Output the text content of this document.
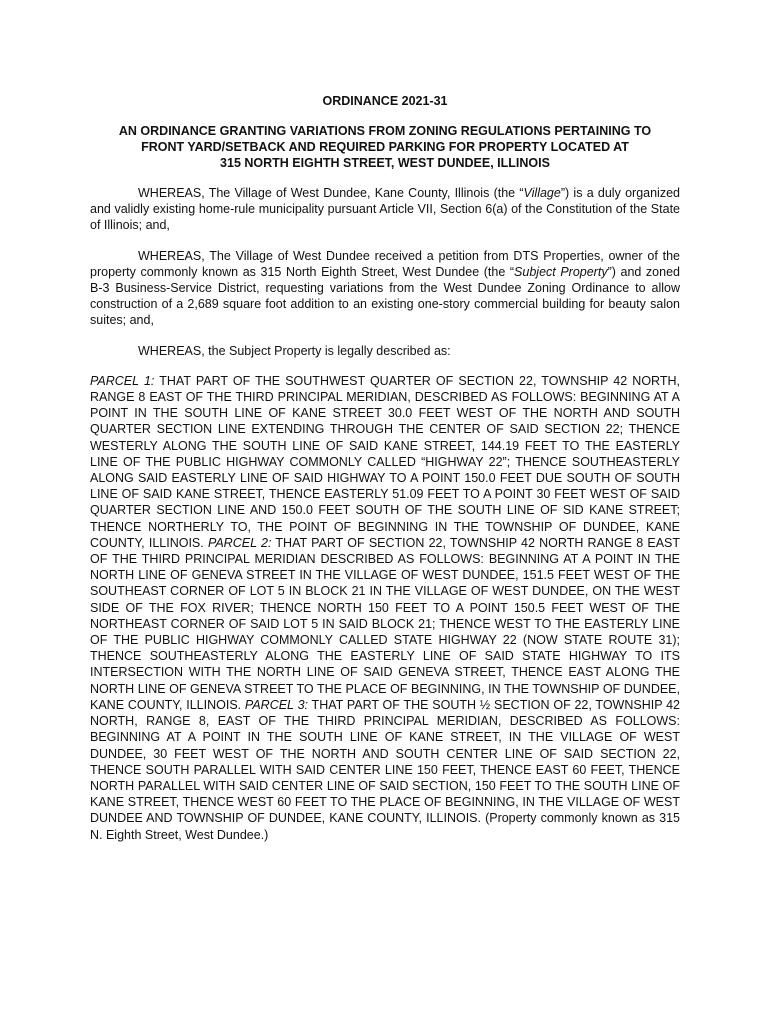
ORDINANCE 2021-31
AN ORDINANCE GRANTING VARIATIONS FROM ZONING REGULATIONS PERTAINING TO
FRONT YARD/SETBACK AND REQUIRED PARKING FOR PROPERTY LOCATED AT
315 NORTH EIGHTH STREET, WEST DUNDEE, ILLINOIS

WHEREAS, The Village of West Dundee, Kane County, Illinois (the “Village”) is a duly organized and validly existing home-rule municipality pursuant Article VII, Section 6(a) of the Constitution of the State of Illinois; and,

WHEREAS, The Village of West Dundee received a petition from DTS Properties, owner of the property commonly known as 315 North Eighth Street, West Dundee (the “Subject Property”) and zoned B-3 Business-Service District, requesting variations from the West Dundee Zoning Ordinance to allow construction of a 2,689 square foot addition to an existing one-story commercial building for beauty salon suites; and,

WHEREAS, the Subject Property is legally described as:

PARCEL 1: THAT PART OF THE SOUTHWEST QUARTER OF SECTION 22, TOWNSHIP 42 NORTH, RANGE 8 EAST OF THE THIRD PRINCIPAL MERIDIAN, DESCRIBED AS FOLLOWS: BEGINNING AT A POINT IN THE SOUTH LINE OF KANE STREET 30.0 FEET WEST OF THE NORTH AND SOUTH QUARTER SECTION LINE EXTENDING THROUGH THE CENTER OF SAID SECTION 22; THENCE WESTERLY ALONG THE SOUTH LINE OF SAID KANE STREET, 144.19 FEET TO THE EASTERLY LINE OF THE PUBLIC HIGHWAY COMMONLY CALLED “HIGHWAY 22”; THENCE SOUTHEASTERLY ALONG SAID EASTERLY LINE OF SAID HIGHWAY TO A POINT 150.0 FEET DUE SOUTH OF SOUTH LINE OF SAID KANE STREET, THENCE EASTERLY 51.09 FEET TO A POINT 30 FEET WEST OF SAID QUARTER SECTION LINE AND 150.0 FEET SOUTH OF THE SOUTH LINE OF SID KANE STREET; THENCE NORTHERLY TO, THE POINT OF BEGINNING IN THE TOWNSHIP OF DUNDEE, KANE COUNTY, ILLINOIS. PARCEL 2: THAT PART OF SECTION 22, TOWNSHIP 42 NORTH RANGE 8 EAST OF THE THIRD PRINCIPAL MERIDIAN DESCRIBED AS FOLLOWS: BEGINNING AT A POINT IN THE NORTH LINE OF GENEVA STREET IN THE VILLAGE OF WEST DUNDEE, 151.5 FEET WEST OF THE SOUTHEAST CORNER OF LOT 5 IN BLOCK 21 IN THE VILLAGE OF WEST DUNDEE, ON THE WEST SIDE OF THE FOX RIVER; THENCE NORTH 150 FEET TO A POINT 150.5 FEET WEST OF THE NORTHEAST CORNER OF SAID LOT 5 IN SAID BLOCK 21; THENCE WEST TO THE EASTERLY LINE OF THE PUBLIC HIGHWAY COMMONLY CALLED STATE HIGHWAY 22 (NOW STATE ROUTE 31); THENCE SOUTHEASTERLY ALONG THE EASTERLY LINE OF SAID STATE HIGHWAY TO ITS INTERSECTION WITH THE NORTH LINE OF SAID GENEVA STREET, THENCE EAST ALONG THE NORTH LINE OF GENEVA STREET TO THE PLACE OF BEGINNING, IN THE TOWNSHIP OF DUNDEE, KANE COUNTY, ILLINOIS. PARCEL 3: THAT PART OF THE SOUTH ½ SECTION OF 22, TOWNSHIP 42 NORTH, RANGE 8, EAST OF THE THIRD PRINCIPAL MERIDIAN, DESCRIBED AS FOLLOWS: BEGINNING AT A POINT IN THE SOUTH LINE OF KANE STREET, IN THE VILLAGE OF WEST DUNDEE, 30 FEET WEST OF THE NORTH AND SOUTH CENTER LINE OF SAID SECTION 22, THENCE SOUTH PARALLEL WITH SAID CENTER LINE 150 FEET, THENCE EAST 60 FEET, THENCE NORTH PARALLEL WITH SAID CENTER LINE OF SAID SECTION, 150 FEET TO THE SOUTH LINE OF KANE STREET, THENCE WEST 60 FEET TO THE PLACE OF BEGINNING, IN THE VILLAGE OF WEST DUNDEE AND TOWNSHIP OF DUNDEE, KANE COUNTY, ILLINOIS. (Property commonly known as 315 N. Eighth Street, West Dundee.)
